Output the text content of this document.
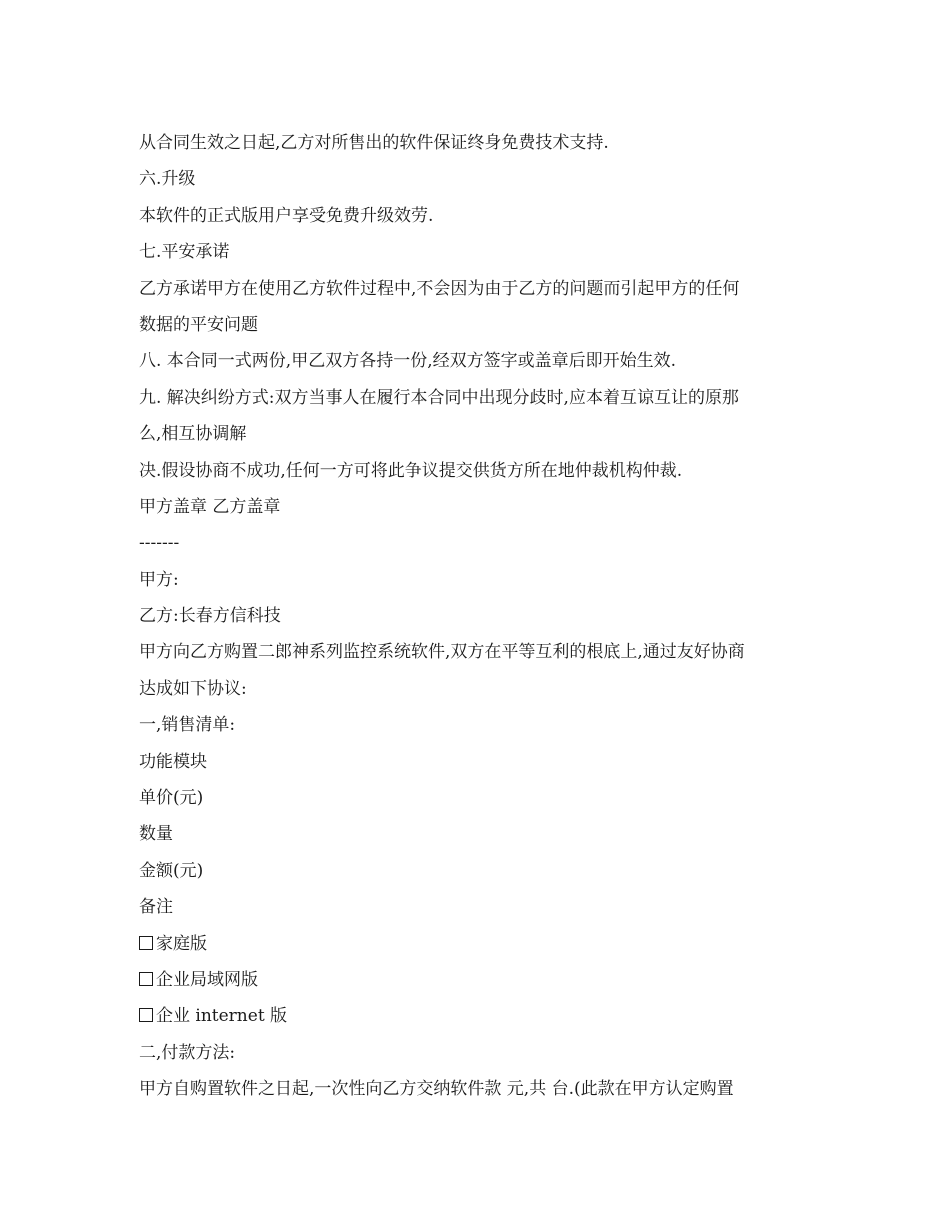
从合同生效之日起,乙方对所售出的软件保证终身免费技术支持.
六.升级
本软件的正式版用户享受免费升级效劳.
七.平安承诺
乙方承诺甲方在使用乙方软件过程中,不会因为由于乙方的问题而引起甲方的任何
数据的平安问题
八. 本合同一式两份,甲乙双方各持一份,经双方签字或盖章后即开始生效.
九. 解决纠纷方式:双方当事人在履行本合同中出现分歧时,应本着互谅互让的原那
么,相互协调解
决.假设协商不成功,任何一方可将此争议提交供货方所在地仲裁机构仲裁.
甲方盖章 乙方盖章
-------
甲方:
乙方:长春方信科技
甲方向乙方购置二郎神系列监控系统软件,双方在平等互利的根底上,通过友好协商
达成如下协议:
一,销售清单:
功能模块
单价(元)
数量
金额(元)
备注
家庭版
企业局域网版
企业 internet 版
二,付款方法:
甲方自购置软件之日起,一次性向乙方交纳软件款 元,共 台.(此款在甲方认定购置
